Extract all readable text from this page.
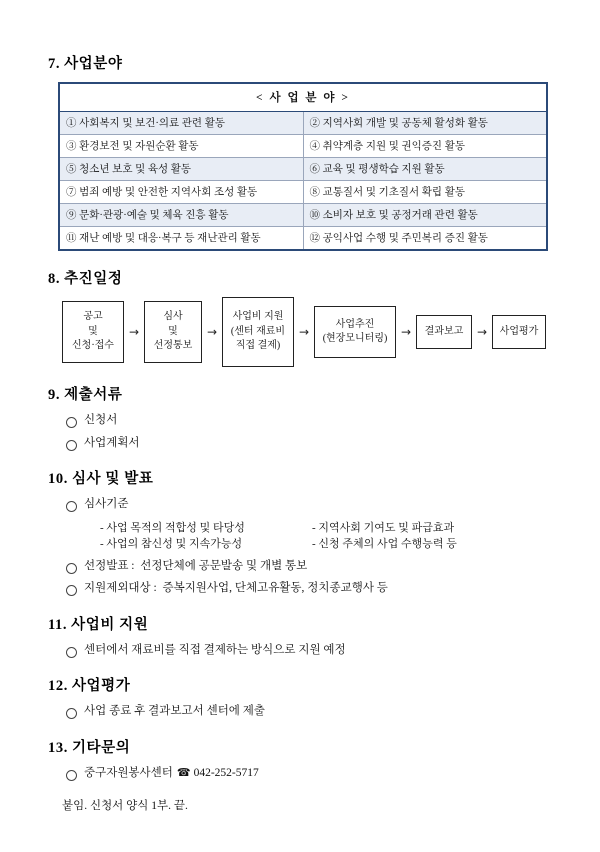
7. 사업분야
< 사 업 분 야 >	
① 사회복지 및 보건·의료 관련 활동	② 지역사회 개발 및 공동체 활성화 활동
③ 환경보전 및 자원순환 활동	④ 취약계층 지원 및 권익증진 활동
⑤ 청소년 보호 및 육성 활동	⑥ 교육 및 평생학습 지원 활동
⑦ 범죄 예방 및 안전한 지역사회 조성 활동	⑧ 교통질서 및 기초질서 확립 활동
⑨ 문화·관광·예술 및 체육 진흥 활동	⑩ 소비자 보호 및 공정거래 관련 활동
⑪ 재난 예방 및 대응·복구 등 재난관리 활동	⑫ 공익사업 수행 및 주민복리 증진 활동
8. 추진일정
공고
및
신청·접수
→
심사
및
선정통보
→
사업비 지원
(센터 재료비
직접 결제)
→
사업추진
(현장모니터링)	→	결과보고	→	사업평가
9. 제출서류
신청서
사업계획서
10. 심사 및 발표
심사기준
- 사업 목적의 적합성 및 타당성	- 지역사회 기여도 및 파급효과
- 사업의 참신성 및 지속가능성	- 신청 주체의 사업 수행능력 등
선정발표 :  선정단체에 공문발송 및 개별 통보
지원제외대상 :  증복지원사업, 단체고유활동, 정치종교행사 등
11. 사업비 지원
센터에서 재료비를 직접 결제하는 방식으로 지원 예정
12. 사업평가
사업 종료 후 결과보고서 센터에 제출
13. 기타문의
중구자원봉사센터 ☎ 042-252-5717
붙임. 신청서 양식 1부. 끝.
